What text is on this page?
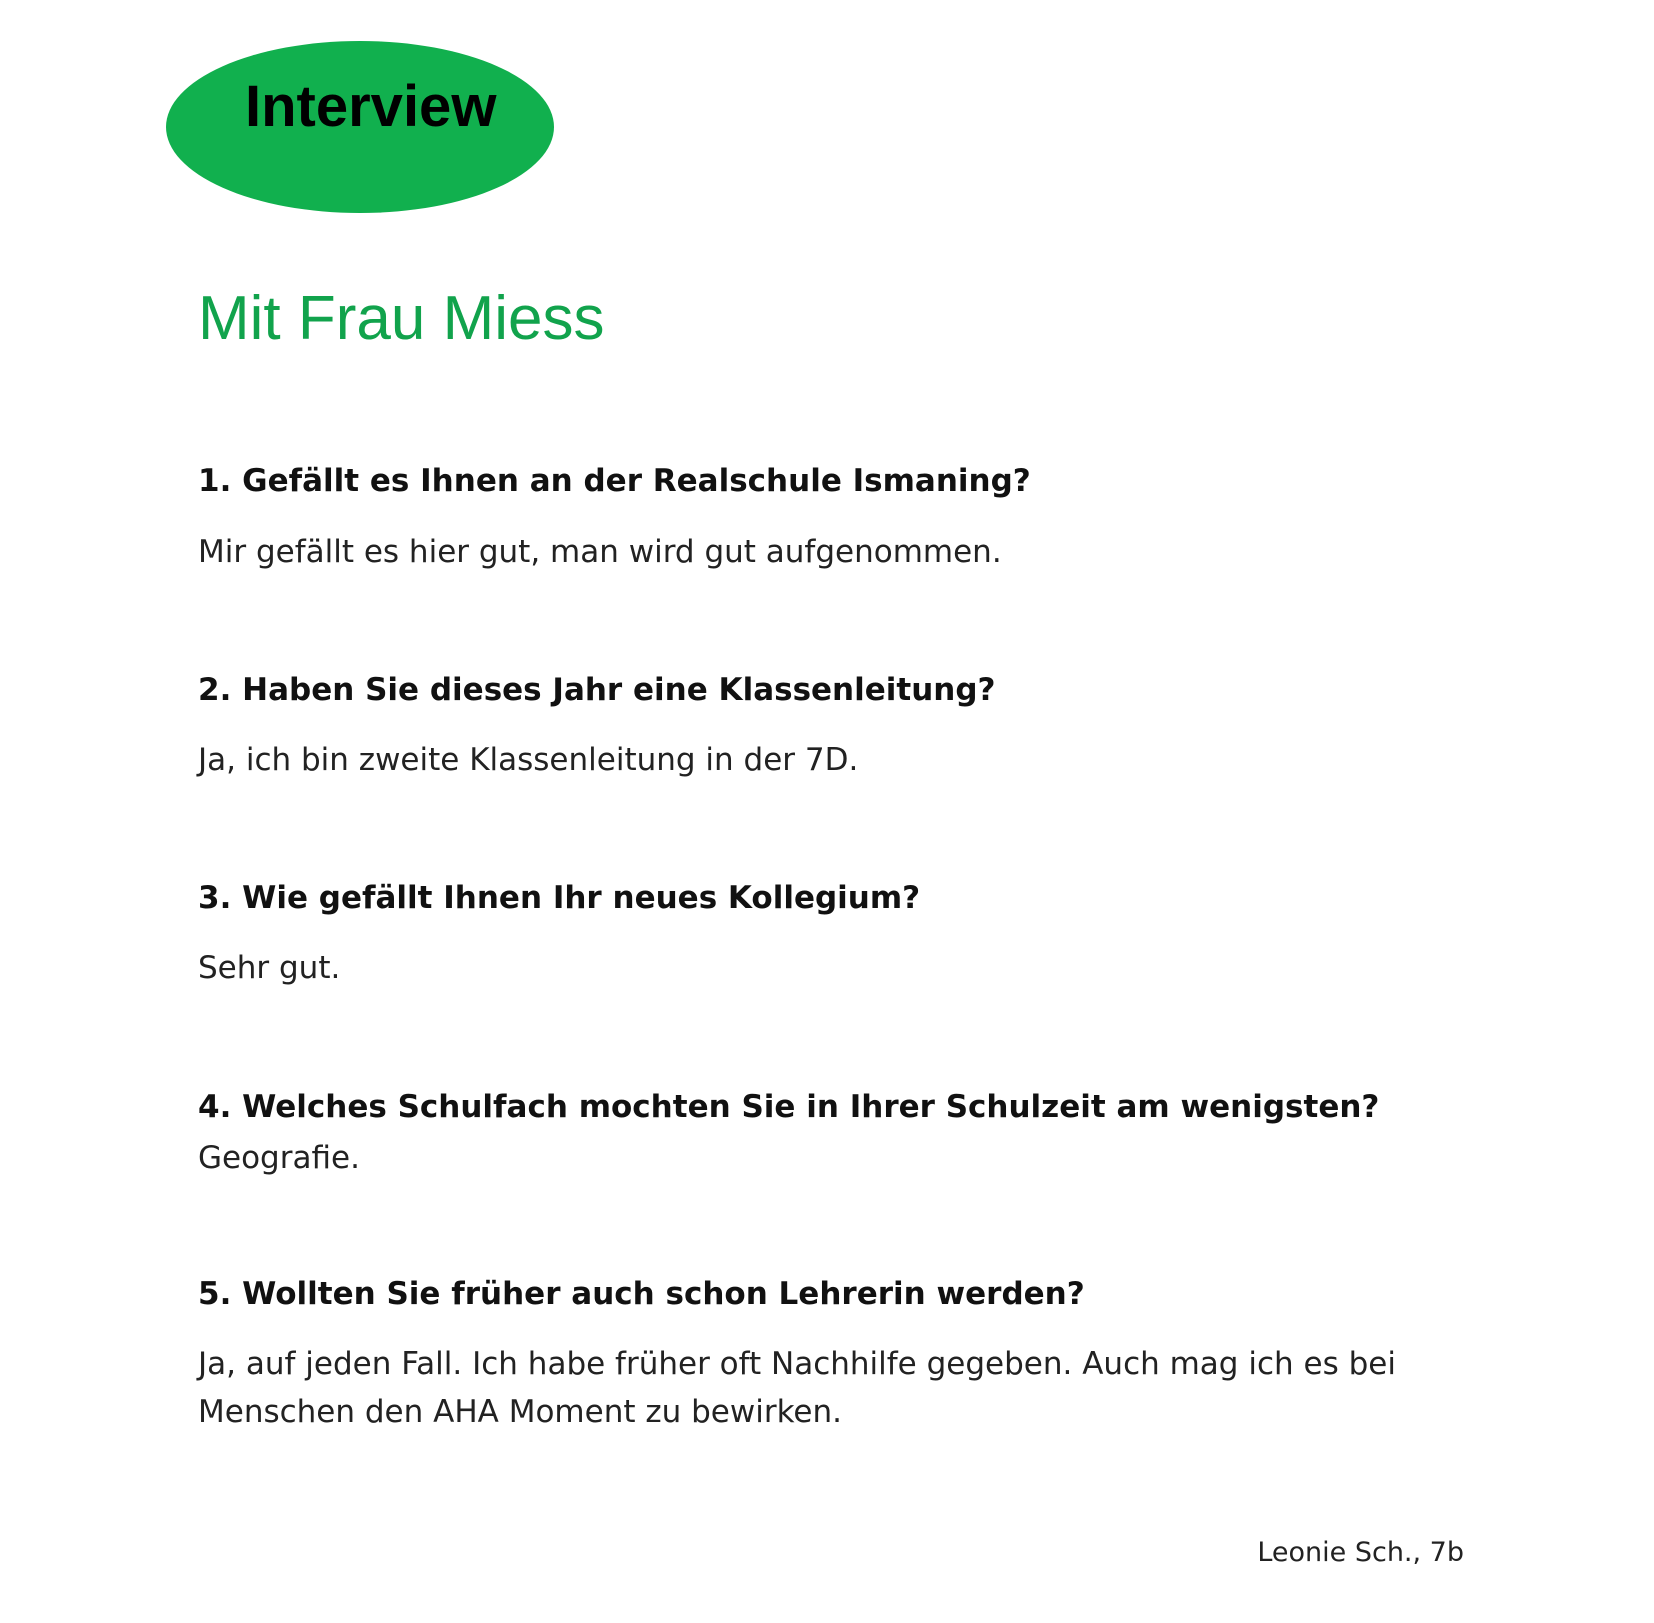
Interview
Mit Frau Miess
1. Gefällt es Ihnen an der Realschule Ismaning?
Mir gefällt es hier gut, man wird gut aufgenommen.
2. Haben Sie dieses Jahr eine Klassenleitung?
Ja, ich bin zweite Klassenleitung in der 7D.
3. Wie gefällt Ihnen Ihr neues Kollegium?
Sehr gut.
4. Welches Schulfach mochten Sie in Ihrer Schulzeit am wenigsten?
Geografie.
5. Wollten Sie früher auch schon Lehrerin werden?
Ja, auf jeden Fall. Ich habe früher oft Nachhilfe gegeben. Auch mag ich es bei Menschen den AHA Moment zu bewirken.
Leonie Sch., 7b
